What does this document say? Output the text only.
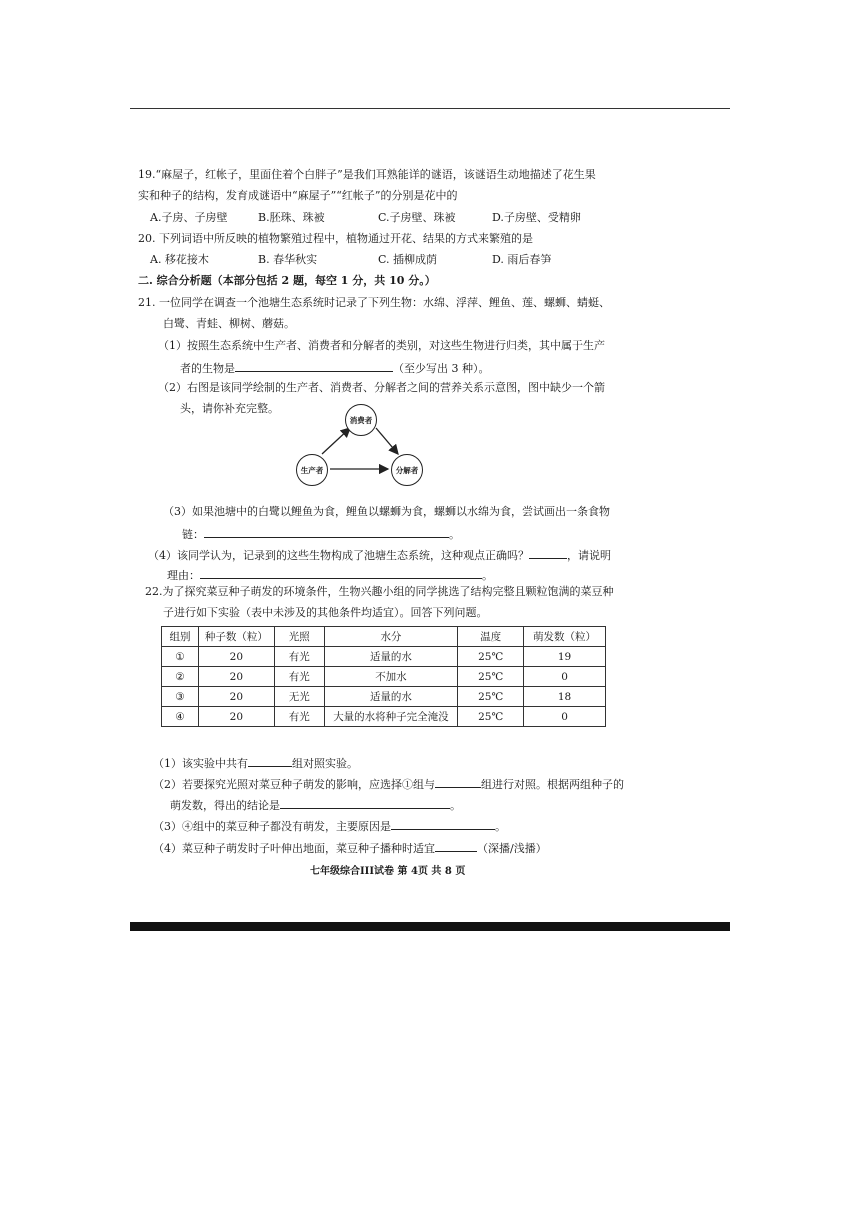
19.“麻屋子，红帐子，里面住着个白胖子”是我们耳熟能详的谜语，该谜语生动地描述了花生果
实和种子的结构，发育成谜语中“麻屋子”“红帐子”的分别是花中的
A.子房、子房壁	B.胚珠、珠被	C.子房壁、珠被	D.子房壁、受精卵
20. 下列词语中所反映的植物繁殖过程中，植物通过开花、结果的方式来繁殖的是
A. 移花接木	B. 春华秋实	C. 插柳成荫	D. 雨后春笋
二. 综合分析题（本部分包括 2 题，每空 1 分，共 10 分。）
21. 一位同学在调查一个池塘生态系统时记录了下列生物：水绵、浮萍、鲤鱼、莲、螺蛳、蜻蜓、
白鹭、青蛙、柳树、蘑菇。
（1）按照生态系统中生产者、消费者和分解者的类别，对这些生物进行归类，其中属于生产
者的生物是	（至少写出 3 种）。
（2）右图是该同学绘制的生产者、消费者、分解者之间的营养关系示意图，图中缺少一个箭
头，请你补充完整。
消费者
生产者	分解者
（3）如果池塘中的白鹭以鲤鱼为食，鲤鱼以螺蛳为食，螺蛳以水绵为食，尝试画出一条食物
链：	。
（4）该同学认为，记录到的这些生物构成了池塘生态系统，这种观点正确吗？	，请说明
理由：	。
22.为了探究菜豆种子萌发的环境条件，生物兴趣小组的同学挑选了结构完整且颗粒饱满的菜豆种
子进行如下实验（表中未涉及的其他条件均适宜）。回答下列问题。
组别	种子数（粒）	光照	水分	温度	萌发数（粒）
①	20	有光	适量的水	25℃	19
②	20	有光	不加水	25℃	0
③	20	无光	适量的水	25℃	18
④	20	有光	大量的水将种子完全淹没	25℃	0
（1）该实验中共有	组对照实验。
（2）若要探究光照对菜豆种子萌发的影响，应选择①组与	组进行对照。根据两组种子的
萌发数，得出的结论是	。
（3）④组中的菜豆种子都没有萌发，主要原因是	。
（4）菜豆种子萌发时子叶伸出地面，菜豆种子播种时适宜	（深播/浅播）
七年级综合III试卷 第 4页 共 8 页
